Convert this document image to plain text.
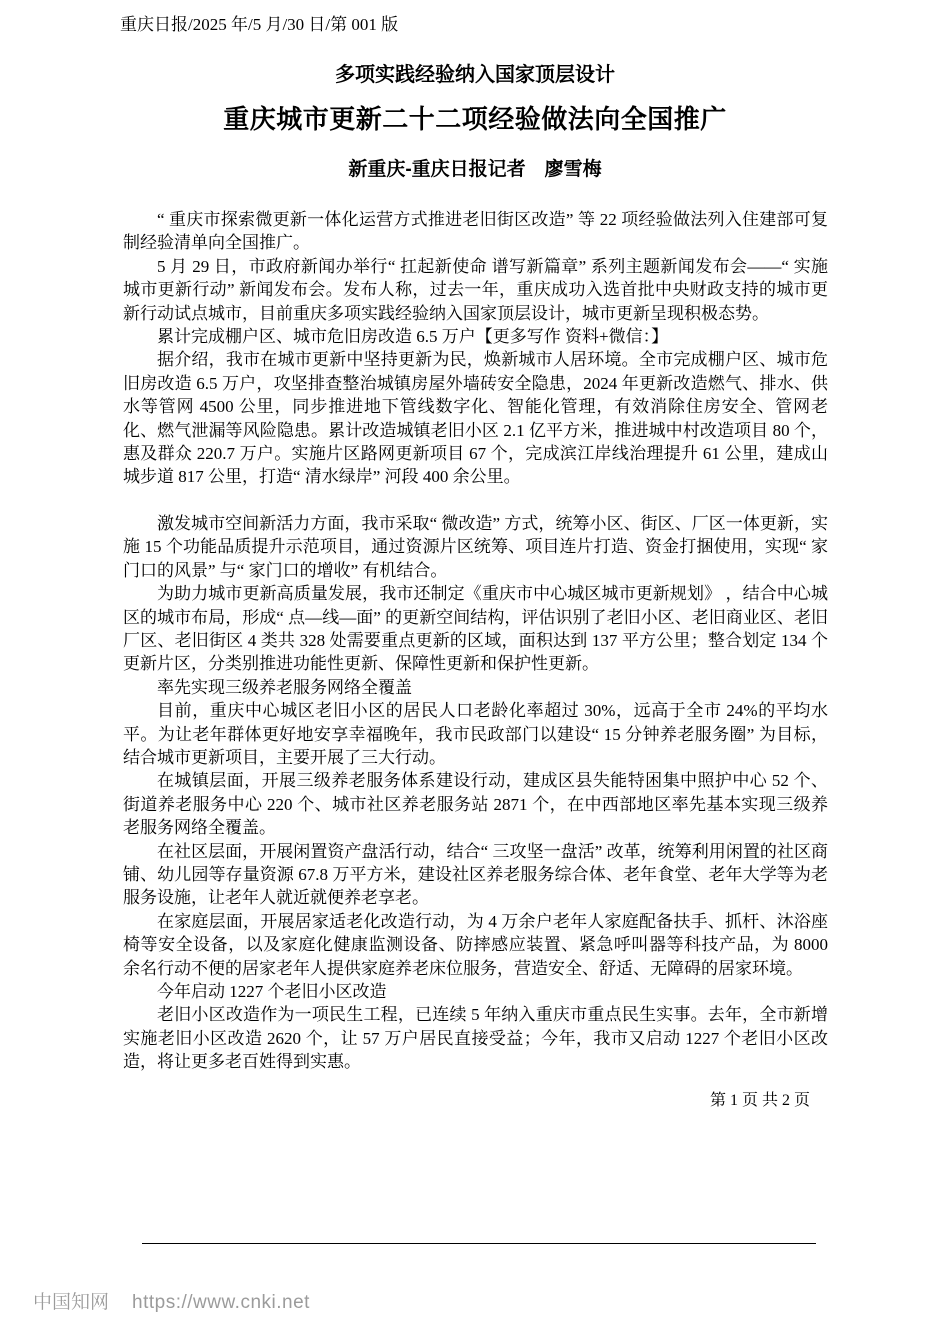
重庆日报/2025 年/5 月/30 日/第 001 版
多项实践经验纳入国家顶层设计
重庆城市更新二十二项经验做法向全国推广
新重庆-重庆日报记者　廖雪梅

“ 重庆市探索微更新一体化运营方式推进老旧街区改造” 等 22 项经验做法列入住建部可复制经验清单向全国推广。

5 月 29 日，市政府新闻办举行“ 扛起新使命 谱写新篇章” 系列主题新闻发布会——“ 实施城市更新行动” 新闻发布会。发布人称，过去一年，重庆成功入选首批中央财政支持的城市更新行动试点城市，目前重庆多项实践经验纳入国家顶层设计，城市更新呈现积极态势。

累计完成棚户区、城市危旧房改造 6.5 万户【更多写作 资料+微信：】

据介绍，我市在城市更新中坚持更新为民，焕新城市人居环境。全市完成棚户区、城市危旧房改造 6.5 万户，攻坚排查整治城镇房屋外墙砖安全隐患，2024 年更新改造燃气、排水、供水等管网 4500 公里，同步推进地下管线数字化、智能化管理，有效消除住房安全、管网老化、燃气泄漏等风险隐患。累计改造城镇老旧小区 2.1 亿平方米，推进城中村改造项目 80 个，惠及群众 220.7 万户。实施片区路网更新项目 67 个，完成滨江岸线治理提升 61 公里，建成山城步道 817 公里，打造“ 清水绿岸” 河段 400 余公里。

激发城市空间新活力方面，我市采取“ 微改造” 方式，统筹小区、街区、厂区一体更新，实施 15 个功能品质提升示范项目，通过资源片区统筹、项目连片打造、资金打捆使用，实现“ 家门口的风景” 与“ 家门口的增收” 有机结合。

为助力城市更新高质量发展，我市还制定《重庆市中心城区城市更新规划》 ，结合中心城区的城市布局，形成“ 点—线—面” 的更新空间结构，评估识别了老旧小区、老旧商业区、老旧厂区、老旧街区 4 类共 328 处需要重点更新的区域，面积达到 137 平方公里；整合划定 134 个更新片区，分类别推进功能性更新、保障性更新和保护性更新。

率先实现三级养老服务网络全覆盖

目前，重庆中心城区老旧小区的居民人口老龄化率超过 30%，远高于全市 24%的平均水平。为让老年群体更好地安享幸福晚年，我市民政部门以建设“ 15 分钟养老服务圈” 为目标，结合城市更新项目，主要开展了三大行动。

在城镇层面，开展三级养老服务体系建设行动，建成区县失能特困集中照护中心 52 个、街道养老服务中心 220 个、城市社区养老服务站 2871 个，在中西部地区率先基本实现三级养老服务网络全覆盖。

在社区层面，开展闲置资产盘活行动，结合“ 三攻坚一盘活” 改革，统筹利用闲置的社区商铺、幼儿园等存量资源 67.8 万平方米，建设社区养老服务综合体、老年食堂、老年大学等为老服务设施，让老年人就近就便养老享老。

在家庭层面，开展居家适老化改造行动，为 4 万余户老年人家庭配备扶手、抓杆、沐浴座椅等安全设备，以及家庭化健康监测设备、防摔感应装置、紧急呼叫器等科技产品，为 8000 余名行动不便的居家老年人提供家庭养老床位服务，营造安全、舒适、无障碍的居家环境。

今年启动 1227 个老旧小区改造

老旧小区改造作为一项民生工程，已连续 5 年纳入重庆市重点民生实事。去年，全市新增实施老旧小区改造 2620 个，让 57 万户居民直接受益；今年，我市又启动 1227 个老旧小区改造，将让更多老百姓得到实惠。

第 1 页 共 2 页
中国知网 https://www.cnki.net
